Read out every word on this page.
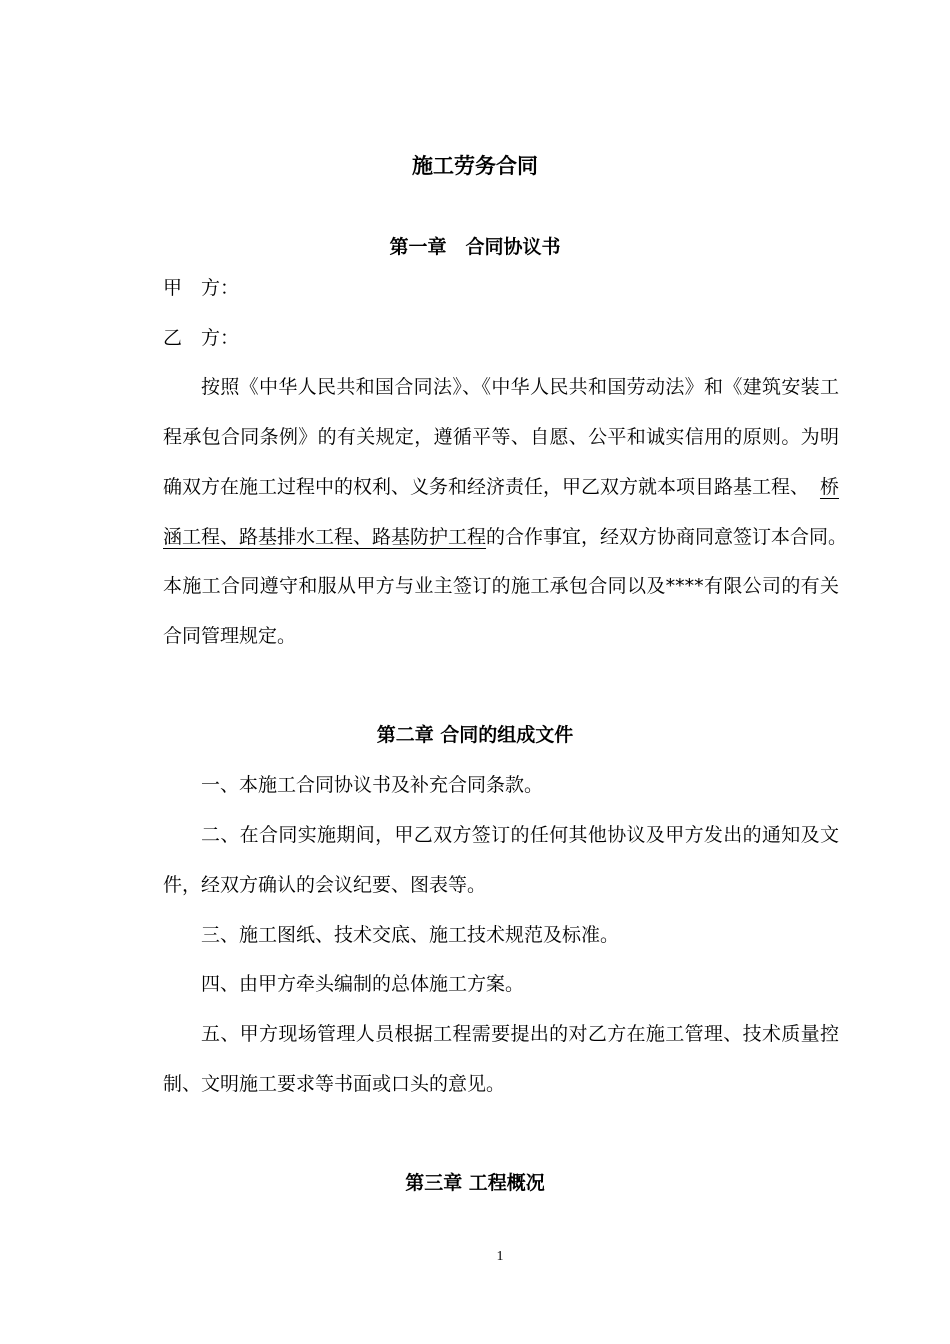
施工劳务合同
第一章　合同协议书
甲　方：
乙　方：
按照《中华人民共和国合同法》、《中华人民共和国劳动法》和《建筑安装工
程承包合同条例》的有关规定，遵循平等、自愿、公平和诚实信用的原则。为明
确双方在施工过程中的权利、义务和经济责任，甲乙双方就本项目路基工程、 桥
涵工程、路基排水工程、路基防护工程的合作事宜，经双方协商同意签订本合同。
本施工合同遵守和服从甲方与业主签订的施工承包合同以及****有限公司的有关
合同管理规定。
第二章 合同的组成文件
一、本施工合同协议书及补充合同条款。
二、在合同实施期间，甲乙双方签订的任何其他协议及甲方发出的通知及文
件，经双方确认的会议纪要、图表等。
三、施工图纸、技术交底、施工技术规范及标准。
四、由甲方牵头编制的总体施工方案。
五、甲方现场管理人员根据工程需要提出的对乙方在施工管理、技术质量控
制、文明施工要求等书面或口头的意见。
第三章 工程概况
1
